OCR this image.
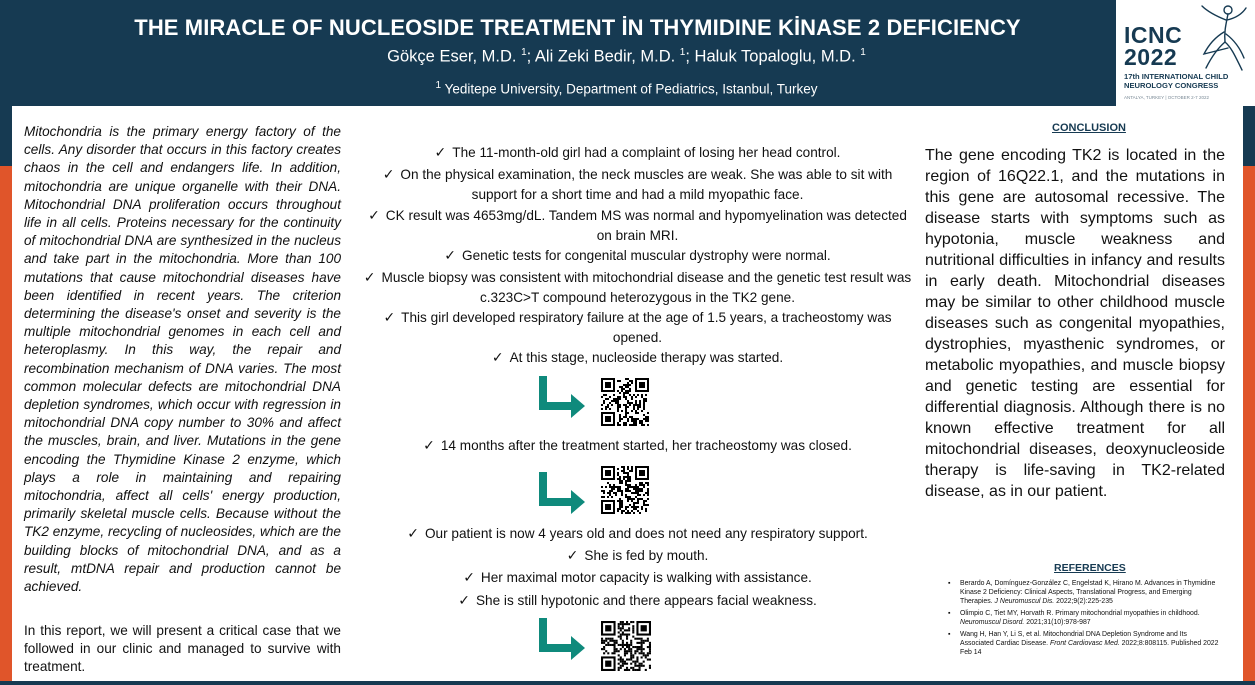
THE MIRACLE OF NUCLEOSIDE TREATMENT İN THYMIDINE KİNASE 2 DEFICIENCY
Gökçe Eser, M.D. $^1$; Ali Zeki Bedir, M.D. $^1$; Haluk Topaloglu, M.D. $^1$
$^1$ Yeditepe University, Department of Pediatrics, Istanbul, Turkey
ICNC
2022
17th INTERNATIONAL CHILD
NEUROLOGY CONGRESS
ANTALYA, TURKEY | OCTOBER 2-7 2022
Mitochondria is the primary energy factory of the cells. Any disorder that occurs in this factory creates chaos in the cell and endangers life. In addition, mitochondria are unique organelle with their DNA. Mitochondrial DNA proliferation occurs throughout life in all cells. Proteins necessary for the continuity of mitochondrial DNA are synthesized in the nucleus and take part in the mitochondria. More than 100 mutations that cause mitochondrial diseases have been identified in recent years. The criterion determining the disease's onset and severity is the multiple mitochondrial genomes in each cell and heteroplasmy. In this way, the repair and recombination mechanism of DNA varies. The most common molecular defects are mitochondrial DNA depletion syndromes, which occur with regression in mitochondrial DNA copy number to 30% and affect the muscles, brain, and liver. Mutations in the gene encoding the Thymidine Kinase 2 enzyme, which plays a role in maintaining and repairing mitochondria, affect all cells' energy production, primarily skeletal muscle cells. Because without the TK2 enzyme, recycling of nucleosides, which are the building blocks of mitochondrial DNA, and as a result, mtDNA repair and production cannot be achieved.
In this report, we will present a critical case that we followed in our clinic and managed to survive with treatment.
✓ The 11-month-old girl had a complaint of losing her head control.
✓ On the physical examination, the neck muscles are weak. She was able to sit with support for a short time and had a mild myopathic face.
✓ CK result was 4653mg/dL. Tandem MS was normal and hypomyelination was detected on brain MRI.
✓ Genetic tests for congenital muscular dystrophy were normal.
✓ Muscle biopsy was consistent with mitochondrial disease and the genetic test result was c.323C>T compound heterozygous in the TK2 gene.
✓ This girl developed respiratory failure at the age of 1.5 years, a tracheostomy was opened.
✓ At this stage, nucleoside therapy was started.
✓ 14 months after the treatment started, her tracheostomy was closed.
✓ Our patient is now 4 years old and does not need any respiratory support.
✓ She is fed by mouth.
✓ Her maximal motor capacity is walking with assistance.
✓ She is still hypotonic and there appears facial weakness.
CONCLUSION
The gene encoding TK2 is located in the region of 16Q22.1, and the mutations in this gene are autosomal recessive. The disease starts with symptoms such as hypotonia, muscle weakness and nutritional difficulties in infancy and results in early death. Mitochondrial diseases may be similar to other childhood muscle diseases such as congenital myopathies, dystrophies, myasthenic syndromes, or metabolic myopathies, and muscle biopsy and genetic testing are essential for differential diagnosis. Although there is no known effective treatment for all mitochondrial diseases, deoxynucleoside therapy is life-saving in TK2-related disease, as in our patient.
REFERENCES
▪ Berardo A, Domínguez-González C, Engelstad K, Hirano M. Advances in Thymidine Kinase 2 Deficiency: Clinical Aspects, Translational Progress, and Emerging Therapies. J Neuromuscul Dis. 2022;9(2):225-235
▪ Olimpio C, Tiet MY, Horvath R. Primary mitochondrial myopathies in childhood. Neuromuscul Disord. 2021;31(10):978-987
▪ Wang H, Han Y, Li S, et al. Mitochondrial DNA Depletion Syndrome and Its Associated Cardiac Disease. Front Cardiovasc Med. 2022;8:808115. Published 2022 Feb 14
